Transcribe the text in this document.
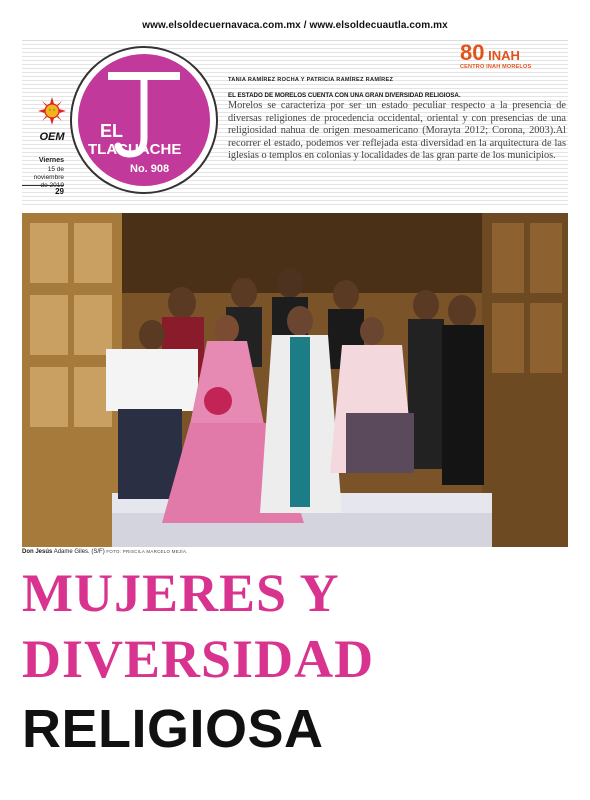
www.elsoldecuernavaca.com.mx / www.elsoldecuautla.com.mx
OEM
Viernes
15 de noviembre
de 2019
29
EL
TLACUACHE
No. 908
80 INAH
CENTRO INAH MORELOS
TANIA RAMÍREZ ROCHA Y PATRICIA RAMÍREZ RAMÍREZ
EL ESTADO DE MORELOS CUENTA CON UNA GRAN DIVERSIDAD RELIGIOSA.
Morelos se caracteriza por ser un estado peculiar respecto a la presencia de diversas religiones de procedencia occidental, oriental y con presencias de una religiosidad nahua de origen mesoamericano (Morayta 2012; Corona, 2003).Al recorrer el estado, podemos ver reflejada esta diversidad en la arquitectura de las iglesias o templos en colonias y localidades de las gran parte de los municipios.
Don Jesús Adame Giles. (S/F) FOTO: PRISCILA MARCELO MEJÍA.
MUJERES Y
DIVERSIDAD
RELIGIOSA
